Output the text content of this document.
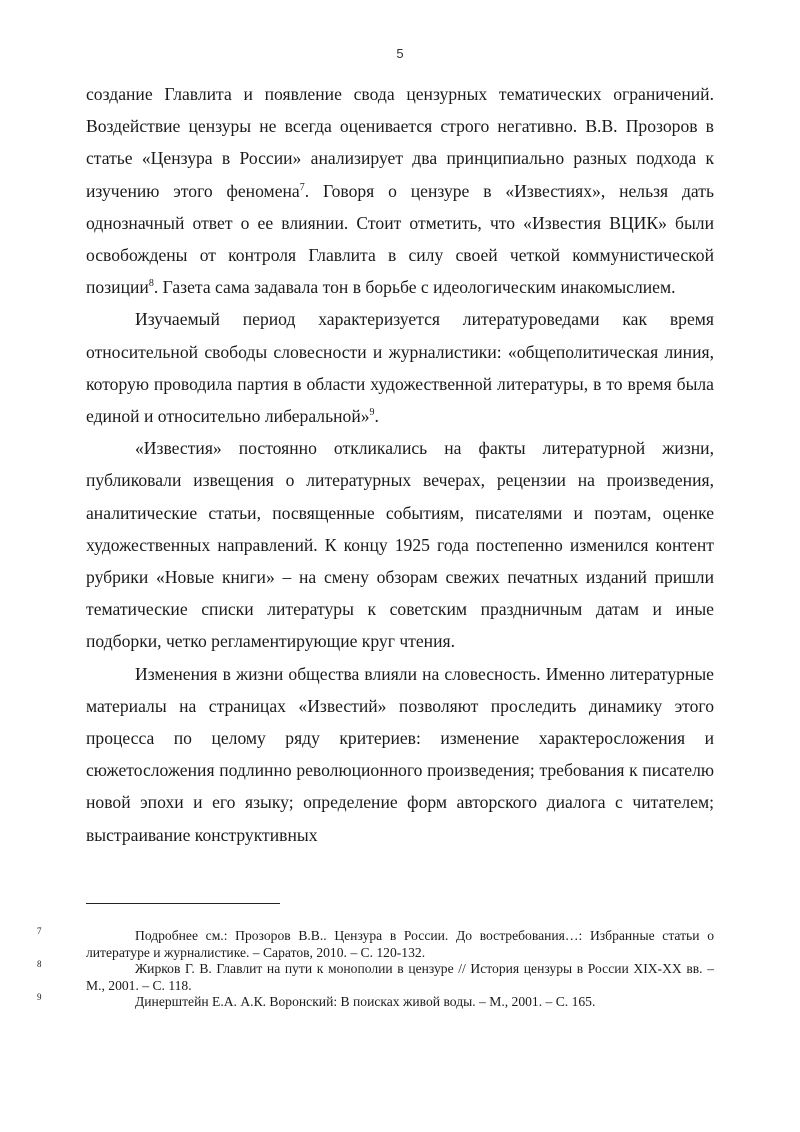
5

создание Главлита и появление свода цензурных тематических ограничений. Воздействие цензуры не всегда оценивается строго негативно. В.В. Прозоров в статье «Цензура в России» анализирует два принципиально разных подхода к изучению этого феномена$^7$. Говоря о цензуре в «Известиях», нельзя дать однозначный ответ о ее влиянии. Стоит отметить, что «Известия ВЦИК» были освобождены от контроля Главлита в силу своей четкой коммунистической позиции$^8$. Газета сама задавала тон в борьбе с идеологическим инакомыслием.

Изучаемый период характеризуется литературоведами как время относительной свободы словесности и журналистики: «общеполитическая линия, которую проводила партия в области художественной литературы, в то время была единой и относительно либеральной»$^9$.

«Известия» постоянно откликались на факты литературной жизни, публиковали извещения о литературных вечерах, рецензии на произведения, аналитические статьи, посвященные событиям, писателями и поэтам, оценке художественных направлений. К концу 1925 года постепенно изменился контент рубрики «Новые книги» – на смену обзорам свежих печатных изданий пришли тематические списки литературы к советским праздничным датам и иные подборки, четко регламентирующие круг чтения.

Изменения в жизни общества влияли на словесность. Именно литературные материалы на страницах «Известий» позволяют проследить динамику этого процесса по целому ряду критериев: изменение характеросложения и сюжетосложения подлинно революционного произведения; требования к писателю новой эпохи и его языку; определение форм авторского диалога с читателем; выстраивание конструктивных

7	Подробнее см.: Прозоров В.В.. Цензура в России. До востребования…: Избранные статьи о литературе и журналистике. – Саратов, 2010. – С. 120-132.

8	Жирков Г. В. Главлит на пути к монополии в цензуре // История цензуры в России XIX-XX вв. – М., 2001. – С. 118.

9	Динерштейн Е.А. А.К. Воронский: В поисках живой воды. – М., 2001. – С. 165.
